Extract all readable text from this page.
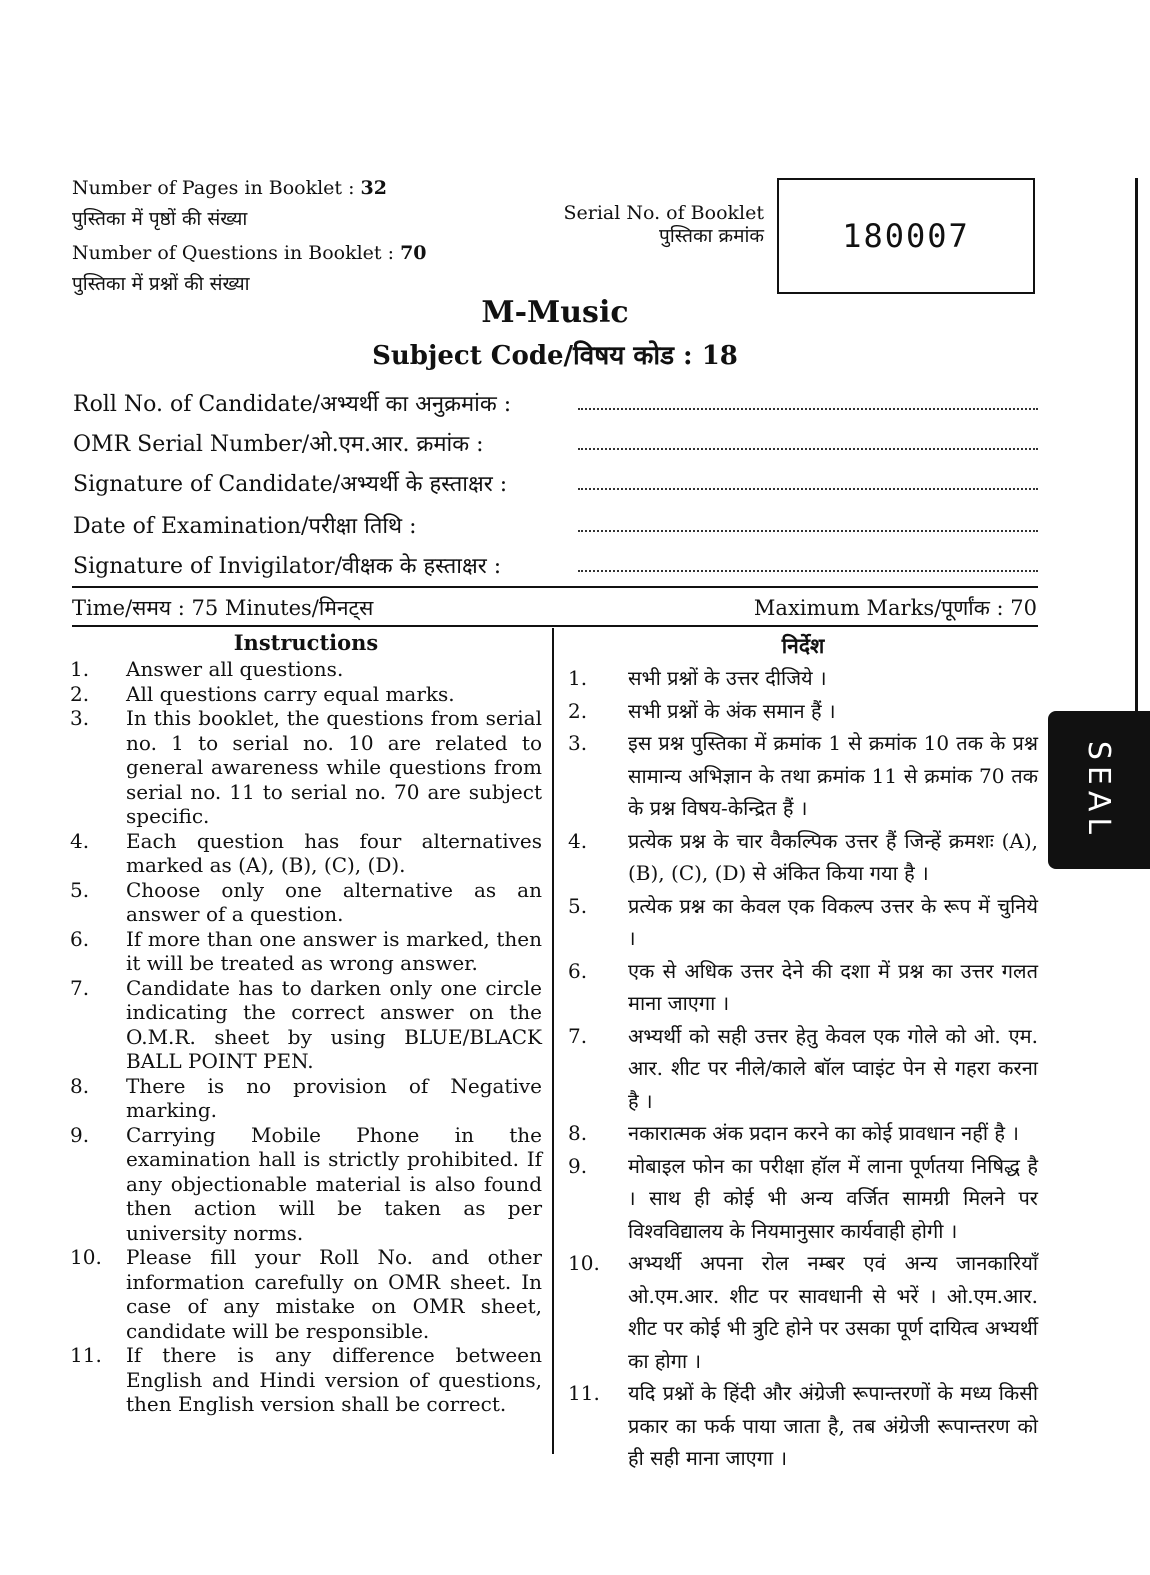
Number of Pages in Booklet : 32
पुस्तिका में पृष्ठों की संख्या
Number of Questions in Booklet : 70
पुस्तिका में प्रश्नों की संख्या
Serial No. of Booklet
पुस्तिका क्रमांक 180007
M-Music
Subject Code/विषय कोड : 18
Roll No. of Candidate/अभ्यर्थी का अनुक्रमांक :
OMR Serial Number/ओ.एम.आर. क्रमांक :
Signature of Candidate/अभ्यर्थी के हस्ताक्षर :
Date of Examination/परीक्षा तिथि :
Signature of Invigilator/वीक्षक के हस्ताक्षर :
Time/समय : 75 Minutes/मिनट्स	Maximum Marks/पूर्णांक : 70
Instructions
1.	Answer all questions.
2.	All questions carry equal marks.
3.	In this booklet, the questions from serial no. 1 to serial no. 10 are related to general awareness while questions from serial no. 11 to serial no. 70 are subject specific.
4.	Each question has four alternatives marked as (A), (B), (C), (D).
5.	Choose only one alternative as an answer of a question.
6.	If more than one answer is marked, then it will be treated as wrong answer.
7.	Candidate has to darken only one circle indicating the correct answer on the O.M.R. sheet by using BLUE/BLACK BALL POINT PEN.
8.	There is no provision of Negative marking.
9.	Carrying Mobile Phone in the examination hall is strictly prohibited. If any objectionable material is also found then action will be taken as per university norms.
10.	Please fill your Roll No. and other information carefully on OMR sheet. In case of any mistake on OMR sheet, candidate will be responsible.
11.	If there is any difference between English and Hindi version of questions, then English version shall be correct.
निर्देश
1.	सभी प्रश्नों के उत्तर दीजिये ।
2.	सभी प्रश्नों के अंक समान हैं ।
3.	इस प्रश्न पुस्तिका में क्रमांक 1 से क्रमांक 10 तक के प्रश्न सामान्य अभिज्ञान के तथा क्रमांक 11 से क्रमांक 70 तक के प्रश्न विषय-केन्द्रित हैं ।
4.	प्रत्येक प्रश्न के चार वैकल्पिक उत्तर हैं जिन्हें क्रमशः (A), (B), (C), (D) से अंकित किया गया है ।
5.	प्रत्येक प्रश्न का केवल एक विकल्प उत्तर के रूप में चुनिये ।
6.	एक से अधिक उत्तर देने की दशा में प्रश्न का उत्तर गलत माना जाएगा ।
7.	अभ्यर्थी को सही उत्तर हेतु केवल एक गोले को ओ. एम. आर. शीट पर नीले/काले बॉल प्वाइंट पेन से गहरा करना है ।
8.	नकारात्मक अंक प्रदान करने का कोई प्रावधान नहीं है ।
9.	मोबाइल फोन का परीक्षा हॉल में लाना पूर्णतया निषिद्ध है । साथ ही कोई भी अन्य वर्जित सामग्री मिलने पर विश्वविद्यालय के नियमानुसार कार्यवाही होगी ।
10.	अभ्यर्थी अपना रोल नम्बर एवं अन्य जानकारियाँ ओ.एम.आर. शीट पर सावधानी से भरें । ओ.एम.आर. शीट पर कोई भी त्रुटि होने पर उसका पूर्ण दायित्व अभ्यर्थी का होगा ।
11.	यदि प्रश्नों के हिंदी और अंग्रेजी रूपान्तरणों के मध्य किसी प्रकार का फर्क पाया जाता है, तब अंग्रेजी रूपान्तरण को ही सही माना जाएगा ।
SEAL
